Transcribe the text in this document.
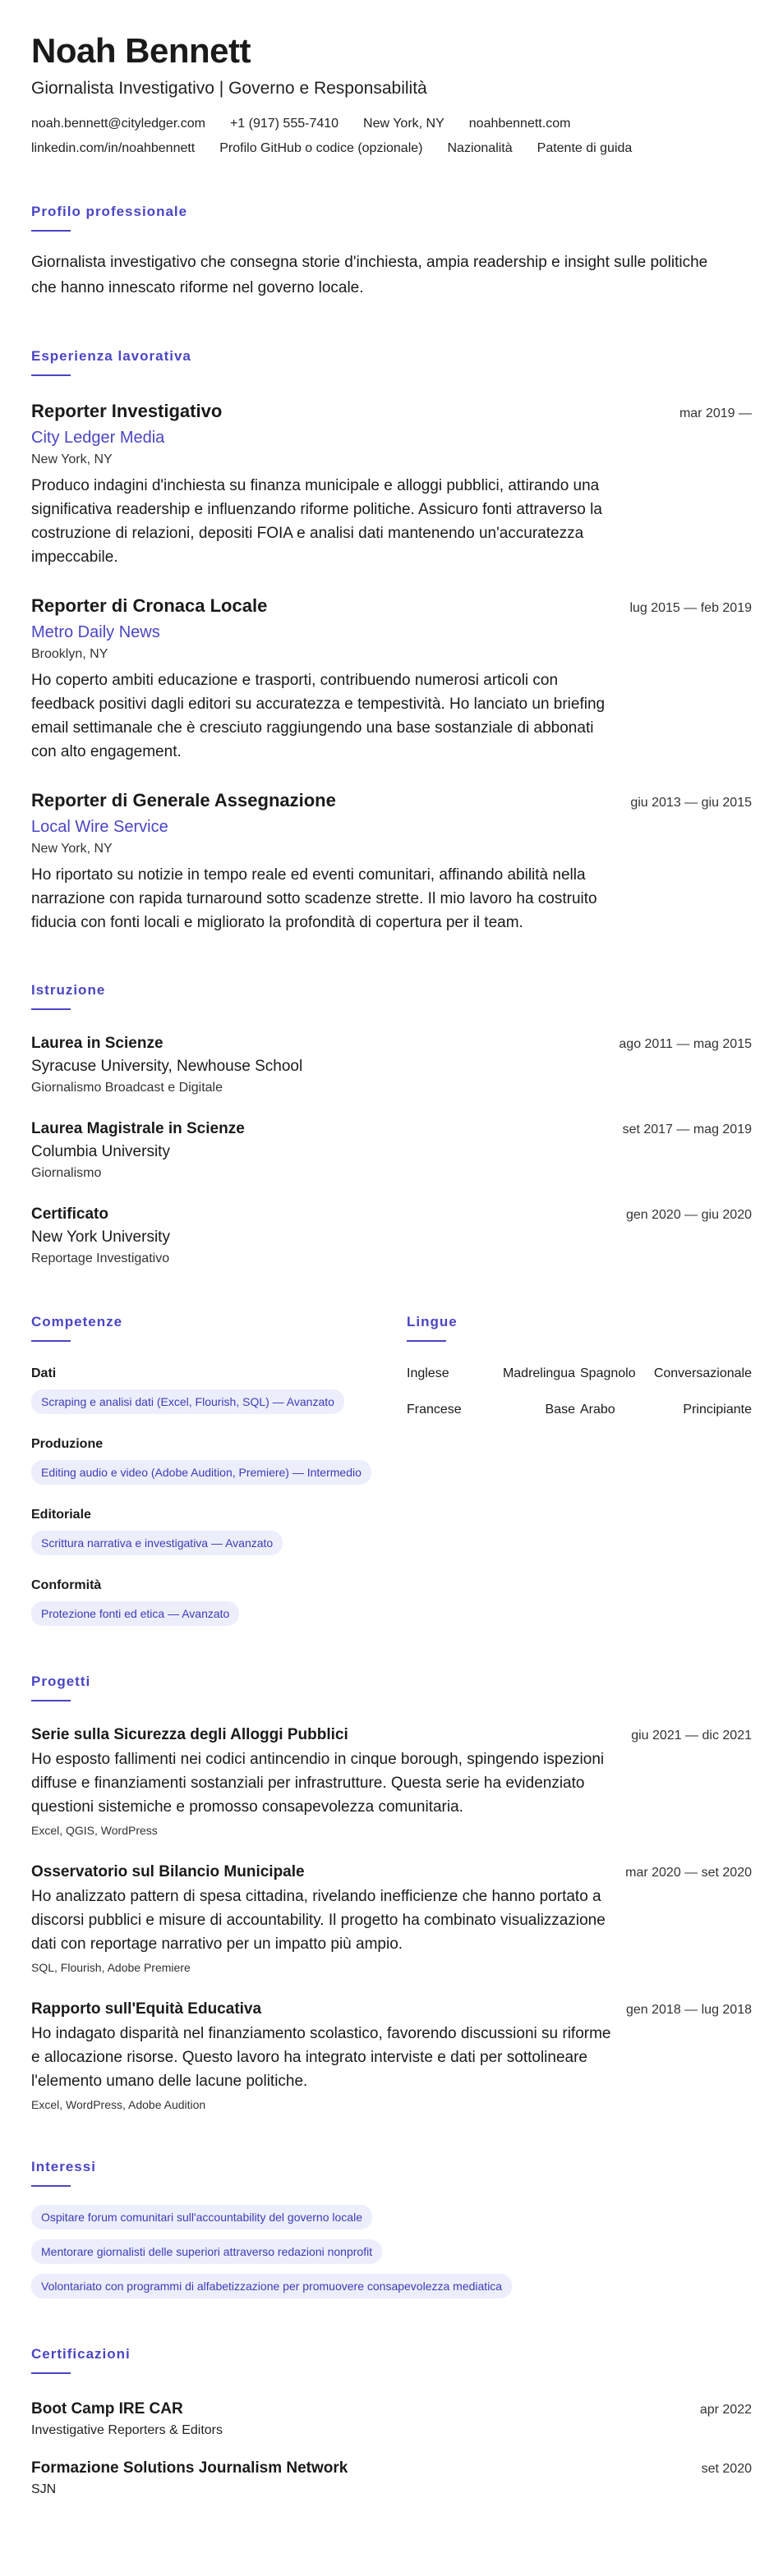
Noah Bennett
Giornalista Investigativo | Governo e Responsabilità
noah.bennett@cityledger.com +1 (917) 555-7410 New York, NY noahbennett.com
linkedin.com/in/noahbennett Profilo GitHub o codice (opzionale) Nazionalità Patente di guida
Profilo professionale
Giornalista investigativo che consegna storie d'inchiesta, ampia readership e insight sulle politiche che hanno innescato riforme nel governo locale.
Esperienza lavorativa
Reporter Investigativo	mar 2019 —
City Ledger Media
New York, NY
Produco indagini d'inchiesta su finanza municipale e alloggi pubblici, attirando una significativa readership e influenzando riforme politiche. Assicuro fonti attraverso la costruzione di relazioni, depositi FOIA e analisi dati mantenendo un'accuratezza impeccabile.
Reporter di Cronaca Locale	lug 2015 — feb 2019
Metro Daily News
Brooklyn, NY
Ho coperto ambiti educazione e trasporti, contribuendo numerosi articoli con feedback positivi dagli editori su accuratezza e tempestività. Ho lanciato un briefing email settimanale che è cresciuto raggiungendo una base sostanziale di abbonati con alto engagement.
Reporter di Generale Assegnazione	giu 2013 — giu 2015
Local Wire Service
New York, NY
Ho riportato su notizie in tempo reale ed eventi comunitari, affinando abilità nella narrazione con rapida turnaround sotto scadenze strette. Il mio lavoro ha costruito fiducia con fonti locali e migliorato la profondità di copertura per il team.
Istruzione
Laurea in Scienze	ago 2011 — mag 2015
Syracuse University, Newhouse School
Giornalismo Broadcast e Digitale
Laurea Magistrale in Scienze	set 2017 — mag 2019
Columbia University
Giornalismo
Certificato	gen 2020 — giu 2020
New York University
Reportage Investigativo
Competenze
Dati
Scraping e analisi dati (Excel, Flourish, SQL) — Avanzato
Produzione
Editing audio e video (Adobe Audition, Premiere) — Intermedio
Editoriale
Scrittura narrativa e investigativa — Avanzato
Conformità
Protezione fonti ed etica — Avanzato
Lingue
Inglese	Madrelingua Spagnolo	Conversazionale
Francese	Base Arabo	Principiante
Progetti
Serie sulla Sicurezza degli Alloggi Pubblici	giu 2021 — dic 2021
Ho esposto fallimenti nei codici antincendio in cinque borough, spingendo ispezioni diffuse e finanziamenti sostanziali per infrastrutture. Questa serie ha evidenziato questioni sistemiche e promosso consapevolezza comunitaria.
Excel, QGIS, WordPress
Osservatorio sul Bilancio Municipale	mar 2020 — set 2020
Ho analizzato pattern di spesa cittadina, rivelando inefficienze che hanno portato a discorsi pubblici e misure di accountability. Il progetto ha combinato visualizzazione dati con reportage narrativo per un impatto più ampio.
SQL, Flourish, Adobe Premiere
Rapporto sull'Equità Educativa	gen 2018 — lug 2018
Ho indagato disparità nel finanziamento scolastico, favorendo discussioni su riforme e allocazione risorse. Questo lavoro ha integrato interviste e dati per sottolineare l'elemento umano delle lacune politiche.
Excel, WordPress, Adobe Audition
Interessi
Ospitare forum comunitari sull'accountability del governo locale
Mentorare giornalisti delle superiori attraverso redazioni nonprofit
Volontariato con programmi di alfabetizzazione per promuovere consapevolezza mediatica
Certificazioni
Boot Camp IRE CAR	apr 2022
Investigative Reporters & Editors
Formazione Solutions Journalism Network	set 2020
SJN
